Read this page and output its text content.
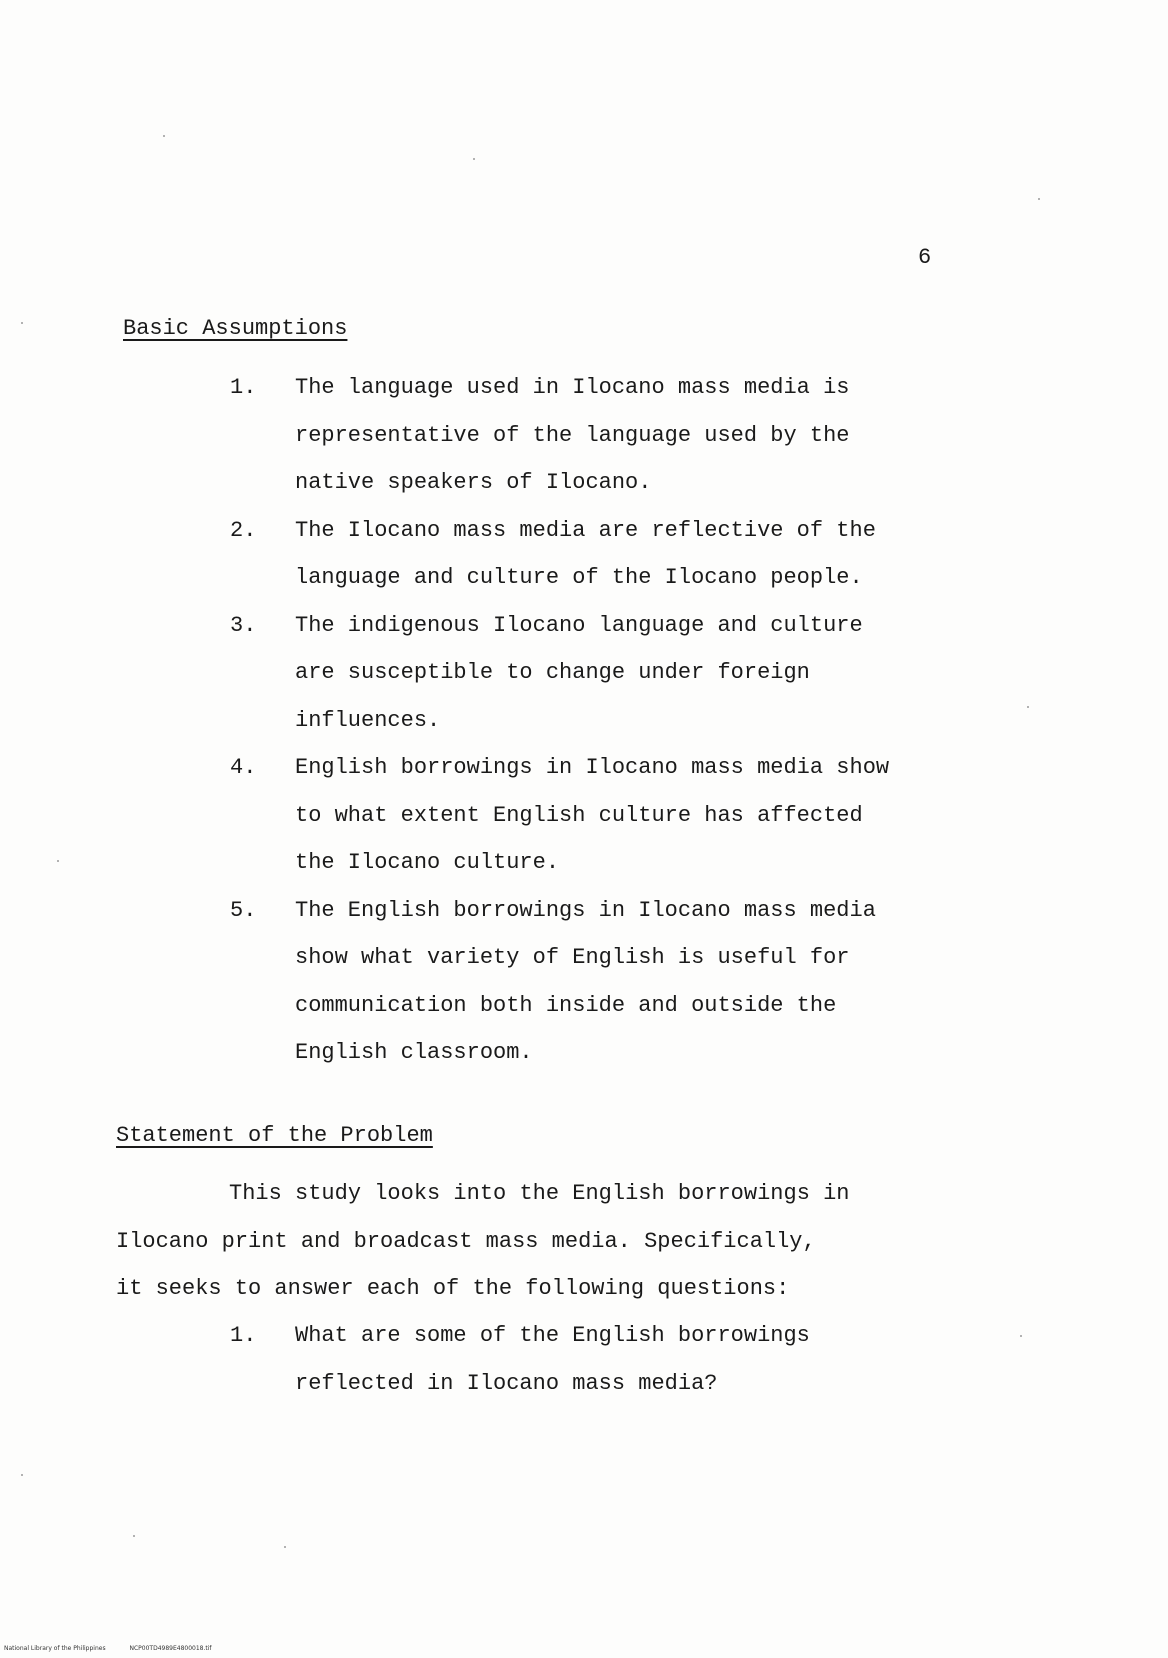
6
Basic Assumptions
1.	The language used in Ilocano mass media is
representative of the language used by the
native speakers of Ilocano.
2.	The Ilocano mass media are reflective of the
language and culture of the Ilocano people.
3.	The indigenous Ilocano language and culture
are susceptible to change under foreign
influences.
4.	English borrowings in Ilocano mass media show
to what extent English culture has affected
the Ilocano culture.
5.	The English borrowings in Ilocano mass media
show what variety of English is useful for
communication both inside and outside the
English classroom.
Statement of the Problem
This study looks into the English borrowings in
Ilocano print and broadcast mass media. Specifically,
it seeks to answer each of the following questions:
1.	What are some of the English borrowings
reflected in Ilocano mass media?
National Library of the Philippines	NCP00TD4989E4800018.tif
